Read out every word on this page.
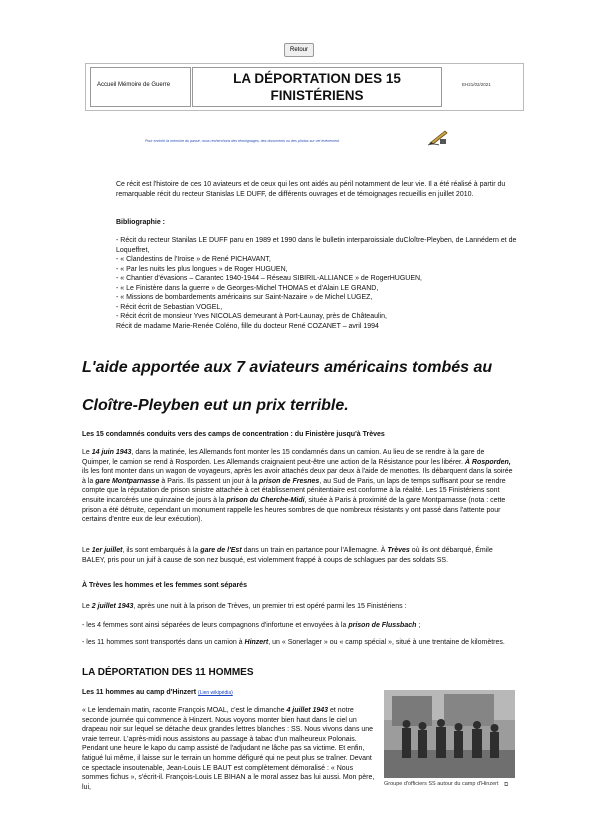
Retour
Accueil Mémoire de Guerre	LA DÉPORTATION DES 15
FINISTÉRIENS
EH21/02/2021
Pour enrichir la mémoire du passé, nous recherchons des témoignages, des documents ou des photos sur cet événement

Ce récit est l'histoire de ces 10 aviateurs et de ceux qui les ont aidés au péril notamment de leur vie. Il a été réalisé à partir du remarquable récit du recteur Stanislas LE DUFF, de différents ouvrages et de témoignages recueillis en juillet 2010.

Bibliographie :
- Récit du recteur Stanilas LE DUFF paru en 1989 et 1990 dans le bulletin interparoissiale duCloître-Pleyben, de Lannédern et de Loqueffret,
- « Clandestins de l'Iroise » de René PICHAVANT,
- « Par les nuits les plus longues » de Roger HUGUEN,
- « Chantier d'évasions – Carantec 1940-1944 – Réseau SIBIRIL-ALLIANCE » de RogerHUGUEN,
- « Le Finistère dans la guerre » de Georges-Michel THOMAS et d'Alain LE GRAND,
- « Missions de bombardements américains sur Saint-Nazaire » de Michel LUGEZ,
- Récit écrit de Sebastian VOGEL,
- Récit écrit de monsieur Yves NICOLAS demeurant à Port-Launay, près de Châteaulin,
Récit de madame Marie-Renée Coléno, fille du docteur René COZANET – avril 1994
L'aide apportée aux 7 aviateurs américains tombés au
Cloître-Pleyben eut un prix terrible.
Les 15 condamnés conduits vers des camps de concentration : du Finistère jusqu'à Trèves

Le 14 juin 1943, dans la matinée, les Allemands font monter les 15 condamnés dans un camion. Au lieu de se rendre à la gare de Quimper, le camion se rend à Rosporden. Les Allemands craignaient peut-être une action de la Résistance pour les libérer. À Rosporden, ils les font monter dans un wagon de voyageurs, après les avoir attachés deux par deux à l'aide de menottes. Ils débarquent dans la soirée à la gare Montparnasse à Paris. Ils passent un jour à la prison de Fresnes, au Sud de Paris, un laps de temps suffisant pour se rendre compte que la réputation de prison sinistre attachée à cet établissement pénitentiaire est conforme à la réalité. Les 15 Finistériens sont ensuite incarcérés une quinzaine de jours à la prison du Cherche-Midi, située à Paris à proximité de la gare Montparnasse (nota : cette prison a été détruite, cependant un monument rappelle les heures sombres de que nombreux résistants y ont passé dans l'attente pour certains d'entre eux de leur exécution).

Le 1er juillet, ils sont embarqués à la gare de l'Est dans un train en partance pour l'Allemagne. À Trèves où ils ont débarqué, Émile BALEY, pris pour un juif à cause de son nez busqué, est violemment frappé à coups de schlagues par des soldats SS.

À Trèves les hommes et les femmes sont séparés

Le 2 juillet 1943, après une nuit à la prison de Trèves, un premier tri est opéré parmi les 15 Finistériens :

- les 4 femmes sont ainsi séparées de leurs compagnons d'infortune et envoyées à la prison de Flussbach ;

- les 11 hommes sont transportés dans un camion à Hinzert, un « Sonerlager » ou « camp spécial », situé à une trentaine de kilomètres.

LA DÉPORTATION DES 11 HOMMES
Les 11 hommes au camp d'Hinzert (Lien wikipédia)

« Le lendemain matin, raconte François MOAL, c'est le dimanche 4 juillet 1943 et notre seconde journée qui commence à Hinzert. Nous voyons monter bien haut dans le ciel un drapeau noir sur lequel se détache deux grandes lettres blanches : SS. Nous vivons dans une vraie terreur. L'après-midi nous assistons au passage à tabac d'un malheureux Polonais. Pendant une heure le kapo du camp assisté de l'adjudant ne lâche pas sa victime. Et enfin, fatigué lui même, il laisse sur le terrain un homme défiguré qui ne peut plus se traîner. Devant ce spectacle insoutenable, Jean-Louis LE BAUT est complètement démoralisé : « Nous sommes fichus », s'écrit-il. François-Louis LE BIHAN a le moral assez bas lui aussi. Mon père, lui,	Groupe d'officiers SS autour du camp d'Hinzert ⧉
